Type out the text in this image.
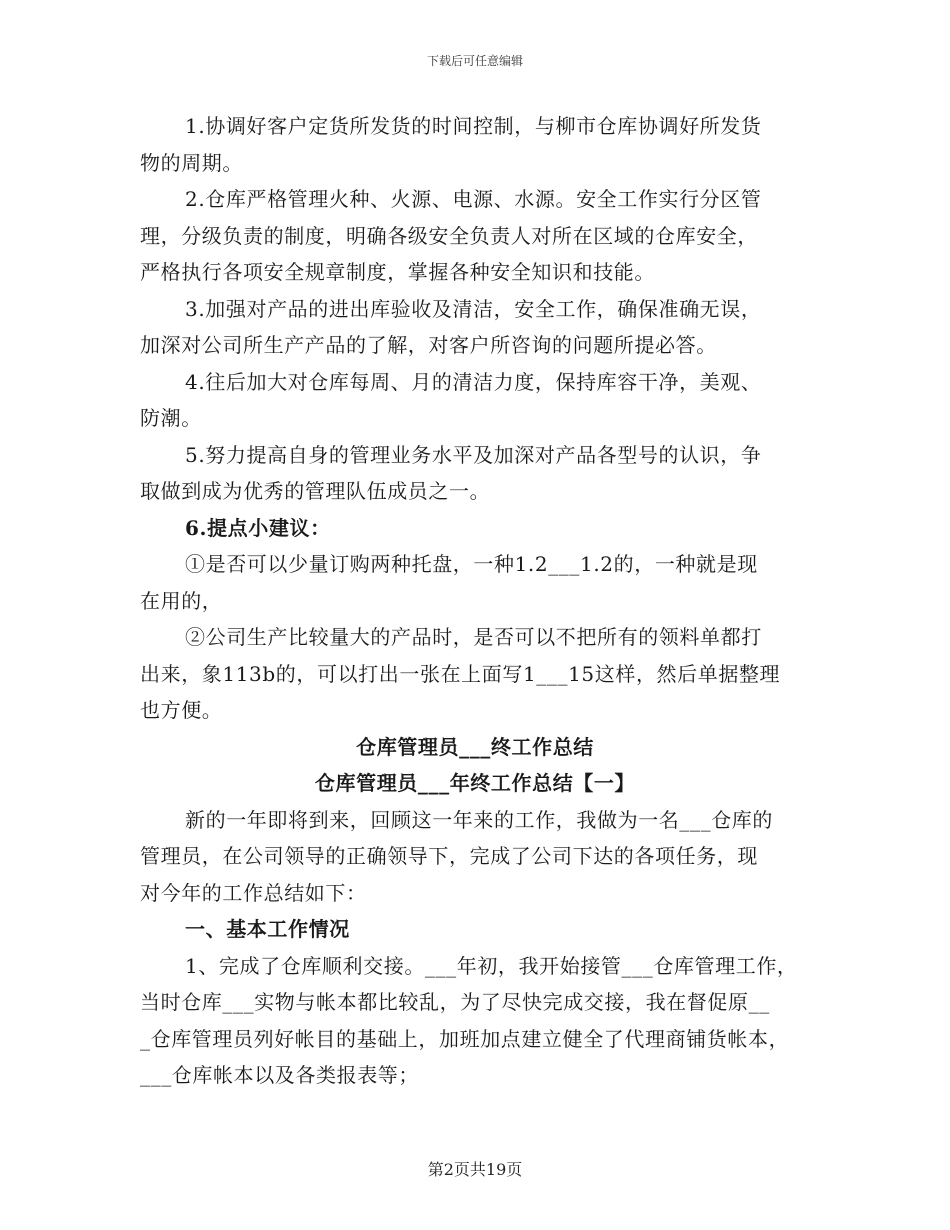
下载后可任意编辑
1.协调好客户定货所发货的时间控制，与柳市仓库协调好所发货
物的周期。
2.仓库严格管理火种、火源、电源、水源。安全工作实行分区管
理，分级负责的制度，明确各级安全负责人对所在区域的仓库安全，
严格执行各项安全规章制度，掌握各种安全知识和技能。
3.加强对产品的进出库验收及清洁，安全工作，确保准确无误，
加深对公司所生产产品的了解，对客户所咨询的问题所提必答。
4.往后加大对仓库每周、月的清洁力度，保持库容干净，美观、
防潮。
5.努力提高自身的管理业务水平及加深对产品各型号的认识，争
取做到成为优秀的管理队伍成员之一。
6.提点小建议：
①是否可以少量订购两种托盘，一种1.2___1.2的，一种就是现
在用的，
②公司生产比较量大的产品时，是否可以不把所有的领料单都打
出来，象113b的，可以打出一张在上面写1___15这样，然后单据整理
也方便。
仓库管理员___终工作总结
仓库管理员___年终工作总结【一】
新的一年即将到来，回顾这一年来的工作，我做为一名___仓库的
管理员，在公司领导的正确领导下，完成了公司下达的各项任务，现
对今年的工作总结如下：
一、基本工作情况
1、完成了仓库顺利交接。___年初，我开始接管___仓库管理工作，
当时仓库___实物与帐本都比较乱，为了尽快完成交接，我在督促原__
_仓库管理员列好帐目的基础上，加班加点建立健全了代理商铺货帐本，
___仓库帐本以及各类报表等；
第2页共19页
